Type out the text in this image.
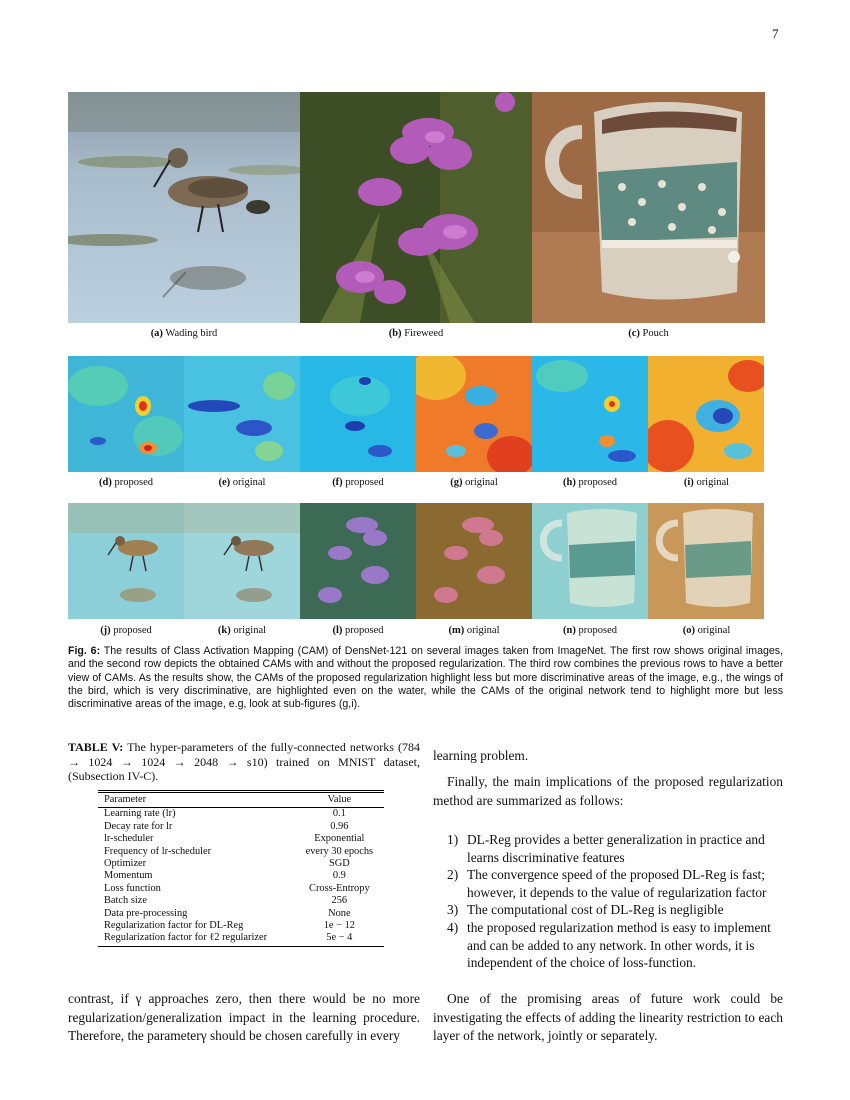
7
(a) Wading bird	(b) Fireweed	(c) Pouch
(d) proposed	(e) original	(f) proposed	(g) original	(h) proposed	(i) original
(j) proposed	(k) original	(l) proposed	(m) original	(n) proposed	(o) original
Fig. 6: The results of Class Activation Mapping (CAM) of DensNet-121 on several images taken from ImageNet. The first row shows original images, and the second row depicts the obtained CAMs with and without the proposed regularization. The third row combines the previous rows to have a better view of CAMs. As the results show, the CAMs of the proposed regularization highlight less but more discriminative areas of the image, e.g., the wings of the bird, which is very discriminative, are highlighted even on the water, while the CAMs of the original network tend to highlight more but less discriminative areas of the image, e.g, look at sub-figures (g,i).
TABLE V: The hyper-parameters of the fully-connected networks (784 → 1024 → 1024 → 2048 → s10) trained on MNIST dataset, (Subsection IV-C).
Parameter	Value
Learning rate (lr)	0.1
Decay rate for lr	0.96
lr-scheduler	Exponential
Frequency of lr-scheduler	every 30 epochs
Optimizer	SGD
Momentum	0.9
Loss function	Cross-Entropy
Batch size	256
Data pre-processing	None
Regularization factor for DL-Reg	1e − 12
Regularization factor for ℓ2 regularizer	5e − 4
contrast, if γ approaches zero, then there would be no more regularization/generalization impact in the learning procedure. Therefore, the parameterγ should be chosen carefully in every
learning problem.
Finally, the main implications of the proposed regularization method are summarized as follows:
1) DL-Reg provides a better generalization in practice and learns discriminative features
2) The convergence speed of the proposed DL-Reg is fast; however, it depends to the value of regularization factor
3) The computational cost of DL-Reg is negligible
4) the proposed regularization method is easy to implement and can be added to any network. In other words, it is independent of the choice of loss-function.
One of the promising areas of future work could be investigating the effects of adding the linearity restriction to each layer of the network, jointly or separately.
